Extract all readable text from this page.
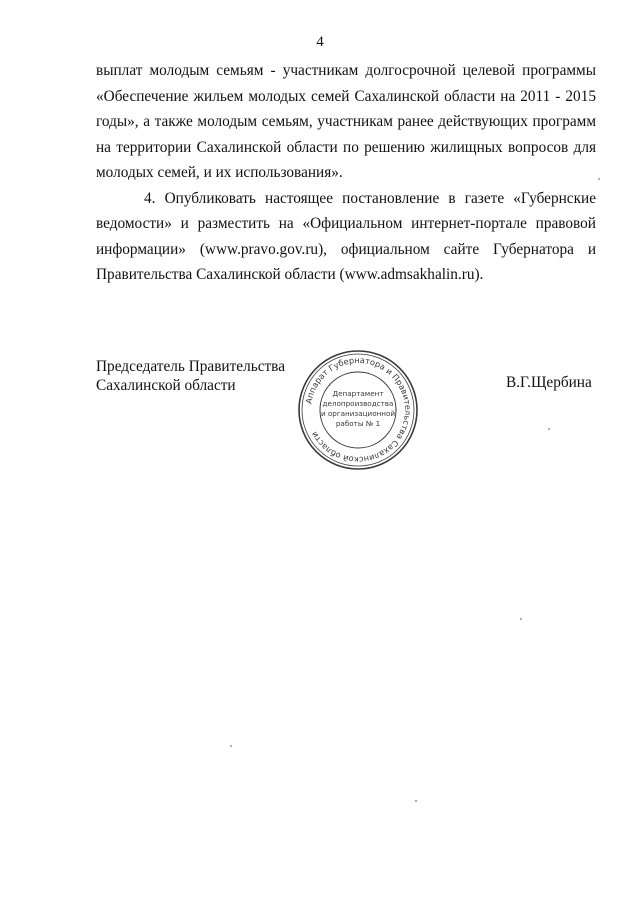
4

выплат молодым семьям - участникам долгосрочной целевой программы «Обеспечение жильем молодых семей Сахалинской области на 2011 - 2015 годы», а также молодым семьям, участникам ранее действующих программ на территории Сахалинской области по решению жилищных вопросов для молодых семей, и их использования».

4. Опубликовать настоящее постановление в газете «Губернские ведомости» и разместить на «Официальном интернет-портале правовой информации» (www.pravo.gov.ru), официальном сайте Губернатора и Правительства Сахалинской области (www.admsakhalin.ru).

Председатель Правительства
Сахалинской области
Аппарат Губернатора и Правительства Сахалинской области
Департамент
делопроизводства
и организационной
работы № 1
В.Г.Щербина
